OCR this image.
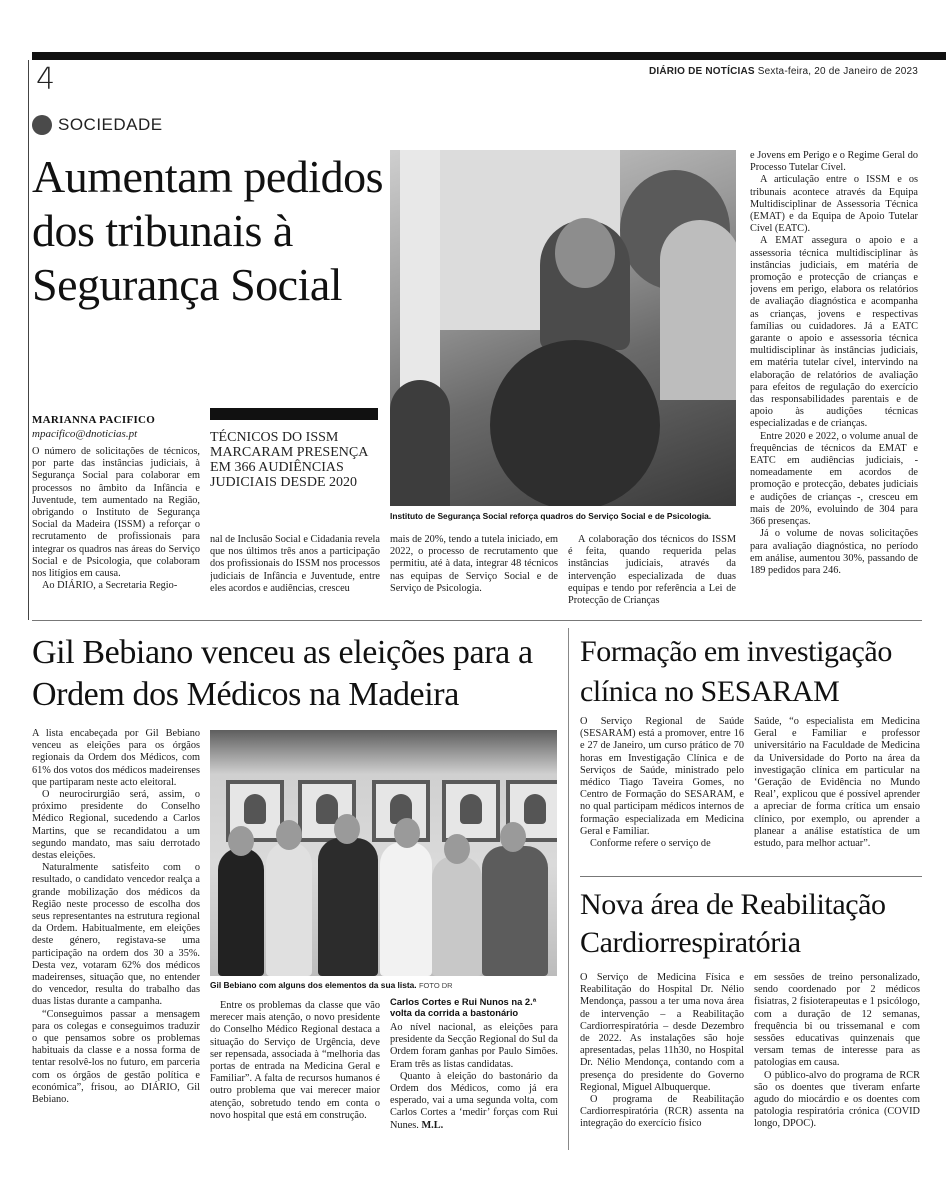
4	DIÁRIO DE NOTÍCIAS Sexta-feira, 20 de Janeiro de 2023
SOCIEDADE
Aumentam pedidos dos tribunais à Segurança Social
MARIANNA PACIFICO
mpacifico@dnoticias.pt	TÉCNICOS DO ISSM MARCARAM PRESENÇA EM 366 AUDIÊNCIAS JUDICIAIS DESDE 2020

O número de solicitações de técnicos, por parte das instâncias judiciais, à Segurança Social para colaborar em processos no âmbito da Infância e Juventude, tem aumentado na Região, obrigando o Instituto de Segurança Social da Madeira (ISSM) a reforçar o recrutamento de profissionais para integrar os quadros nas áreas do Serviço Social e de Psicologia, que colaboram nos litígios em causa.

Ao DIÁRIO, a Secretaria Regio-

nal de Inclusão Social e Cidadania revela que nos últimos três anos a participação dos profissionais do ISSM nos processos judiciais de Infância e Juventude, entre eles acordos e audiências, cresceu

mais de 20%, tendo a tutela iniciado, em 2022, o processo de recrutamento que permitiu, até à data, integrar 48 técnicos nas equipas de Serviço Social e de Serviço de Psicologia.

A colaboração dos técnicos do ISSM é feita, quando requerida pelas instâncias judiciais, através da intervenção especializada de duas equipas e tendo por referência a Lei de Protecção de Crianças

e Jovens em Perigo e o Regime Geral do Processo Tutelar Cível.

A articulação entre o ISSM e os tribunais acontece através da Equipa Multidisciplinar de Assessoria Técnica (EMAT) e da Equipa de Apoio Tutelar Cível (EATC).

A EMAT assegura o apoio e a assessoria técnica multidisciplinar às instâncias judiciais, em matéria de promoção e protecção de crianças e jovens em perigo, elabora os relatórios de avaliação diagnóstica e acompanha as crianças, jovens e respectivas famílias ou cuidadores. Já a EATC garante o apoio e assessoria técnica multidisciplinar às instâncias judiciais, em matéria tutelar cível, intervindo na elaboração de relatórios de avaliação para efeitos de regulação do exercício das responsabilidades parentais e de apoio às audições técnicas especializadas e de crianças.

Entre 2020 e 2022, o volume anual de frequências de técnicos da EMAT e EATC em audiências judiciais, - nomeadamente em acordos de promoção e protecção, debates judiciais e audições de crianças -, cresceu em mais de 20%, evoluindo de 304 para 366 presenças.

Já o volume de novas solicitações para avaliação diagnóstica, no período em análise, aumentou 30%, passando de 189 pedidos para 246.

Instituto de Segurança Social reforça quadros do Serviço Social e de Psicologia.
Gil Bebiano venceu as eleições para a Ordem dos Médicos na Madeira

A lista encabeçada por Gil Bebiano venceu as eleições para os órgãos regionais da Ordem dos Médicos, com 61% dos votos dos médicos madeirenses que partiparam neste acto eleitoral.

O neurocirurgião será, assim, o próximo presidente do Conselho Médico Regional, sucedendo a Carlos Martins, que se recandidatou a um segundo mandato, mas saiu derrotado destas eleições.

Naturalmente satisfeito com o resultado, o candidato vencedor realça a grande mobilização dos médicos da Região neste processo de escolha dos seus representantes na estrutura regional da Ordem. Habitualmente, em eleições deste género, registava-se uma participação na ordem dos 30 a 35%. Desta vez, votaram 62% dos médicos madeirenses, situação que, no entender do vencedor, resulta do trabalho das duas listas durante a campanha.

“Conseguimos passar a mensagem para os colegas e conseguimos traduzir o que pensamos sobre os problemas habituais da classe e a nossa forma de tentar resolvê-los no futuro, em parceria com os órgãos de gestão política e económica”, frisou, ao DIÁRIO, Gil Bebiano.

Gil Bebiano com alguns dos elementos da sua lista. FOTO DR

Entre os problemas da classe que vão merecer mais atenção, o novo presidente do Conselho Médico Regional destaca a situação do Serviço de Urgência, deve ser repensada, associada à “melhoria das portas de entrada na Medicina Geral e Familiar”. A falta de recursos humanos é outro problema que vai merecer maior atenção, sobretudo tendo em conta o novo hospital que está em construção.

Carlos Cortes e Rui Nunos na 2.ª volta da corrida a bastonário

Ao nível nacional, as eleições para presidente da Secção Regional do Sul da Ordem foram ganhas por Paulo Simões. Eram três as listas candidatas.

Quanto à eleição do bastonário da Ordem dos Médicos, como já era esperado, vai a uma segunda volta, com Carlos Cortes a ‘medir’ forças com Rui Nunes. M.L.

Formação em investigação clínica no SESARAM

O Serviço Regional de Saúde (SESARAM) está a promover, entre 16 e 27 de Janeiro, um curso prático de 70 horas em Investigação Clínica e de Serviços de Saúde, ministrado pelo médico Tiago Taveira Gomes, no Centro de Formação do SESARAM, e no qual participam médicos internos de formação especializada em Medicina Geral e Familiar.

Conforme refere o serviço de

Saúde, “o especialista em Medicina Geral e Familiar e professor universitário na Faculdade de Medicina da Universidade do Porto na área da investigação clínica em particular na ‘Geração de Evidência no Mundo Real’, explicou que é possível aprender a apreciar de forma crítica um ensaio clínico, por exemplo, ou aprender a planear a análise estatística de um estudo, para melhor actuar”.

Nova área de Reabilitação Cardiorrespiratória

O Serviço de Medicina Física e Reabilitação do Hospital Dr. Nélio Mendonça, passou a ter uma nova área de intervenção – a Reabilitação Cardiorrespiratória – desde Dezembro de 2022. As instalações são hoje apresentadas, pelas 11h30, no Hospital Dr. Nélio Mendonça, contando com a presença do presidente do Governo Regional, Miguel Albuquerque.

O programa de Reabilitação Cardiorrespiratória (RCR) assenta na integração do exercício físico

em sessões de treino personalizado, sendo coordenado por 2 médicos fisiatras, 2 fisioterapeutas e 1 psicólogo, com a duração de 12 semanas, frequência bi ou trissemanal e com sessões educativas quinzenais que versam temas de interesse para as patologias em causa.

O público-alvo do programa de RCR são os doentes que tiveram enfarte agudo do miocárdio e os doentes com patologia respiratória crónica (COVID longo, DPOC).
